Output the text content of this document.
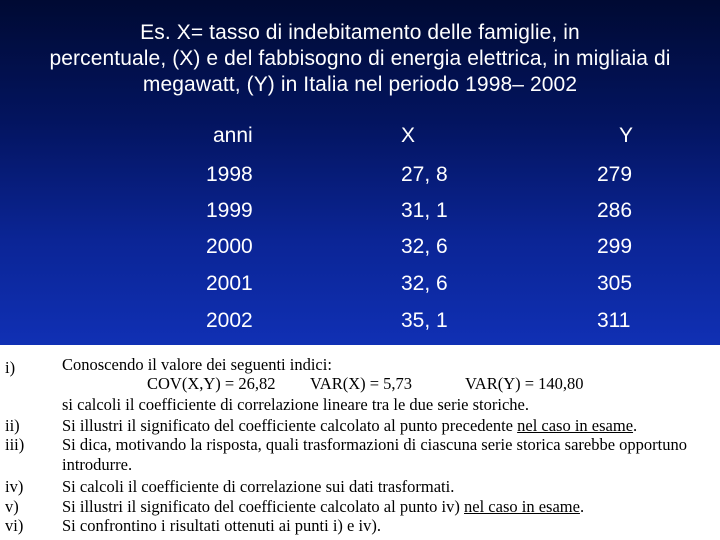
Es. X= tasso di indebitamento delle famiglie, in
percentuale, (X) e del fabbisogno di energia elettrica, in migliaia di
megawatt, (Y) in Italia nel periodo 1998– 2002
anni	X	Y
1998	27, 8	279
1999	31, 1	286
2000	32, 6	299
2001	32, 6	305
2002	35, 1	311
i)	Conoscendo il valore dei seguenti indici:
COV(X,Y) = 26,82 VAR(X) = 5,73	VAR(Y) = 140,80
si calcoli il coefficiente di correlazione lineare tra le due serie storiche.
ii)	Si illustri il significato del coefficiente calcolato al punto precedente nel caso in esame.
iii) Si dica, motivando la risposta, quali trasformazioni di ciascuna serie storica sarebbe opportuno
introdurre.
iv) Si calcoli il coefficiente di correlazione sui dati trasformati.
v)	Si illustri il significato del coefficiente calcolato al punto iv) nel caso in esame.
vi) Si confrontino i risultati ottenuti ai punti i) e iv).
